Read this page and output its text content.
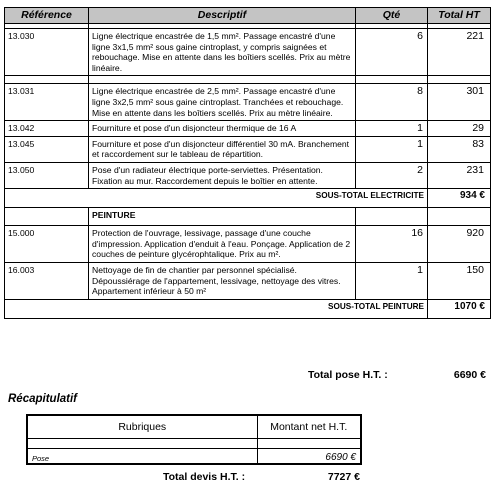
Référence	Descriptif	Qté	Total HT

13.030	Ligne électrique encastrée de 1,5 mm². Passage encastré d'une ligne 3x1,5 mm² sous gaine cintroplast, y compris saignées et rebouchage. Mise en attente dans les boîtiers scellés. Prix au mètre linéaire.	6	221

13.031	Ligne électrique encastrée de 2,5 mm². Passage encastré d'une ligne 3x2,5 mm² sous gaine cintroplast. Tranchées et rebouchage. Mise en attente dans les boîtiers scellés. Prix au mètre linéaire.	8	301
13.042	Fourniture et pose d'un disjoncteur thermique de 16 A	1	29
13.045	Fourniture et pose d'un disjoncteur différentiel 30 mA. Branchement et raccordement sur le tableau de répartition.	1	83
13.050	Pose d'un radiateur électrique porte-serviettes. Présentation. Fixation au mur. Raccordement depuis le boîtier en attente.	2	231
SOUS-TOTAL ELECTRICITE			934 €
	PEINTURE		
15.000	Protection de l'ouvrage, lessivage, passage d'une couche d'impression. Application d'enduit à l'eau. Ponçage. Application de 2 couches de peinture glycérophtalique. Prix au m².	16	920
16.003	Nettoyage de fin de chantier par personnel spécialisé. Dépoussiérage de l'appartement, lessivage, nettoyage des vitres. Appartement inférieur à 50 m²	1	150
SOUS-TOTAL PEINTURE			1070 €
Total pose H.T. :	6690 €
Récapitulatif
Rubriques	Montant net H.T.

Pose	6690 €
Total devis H.T. :	7727 €
